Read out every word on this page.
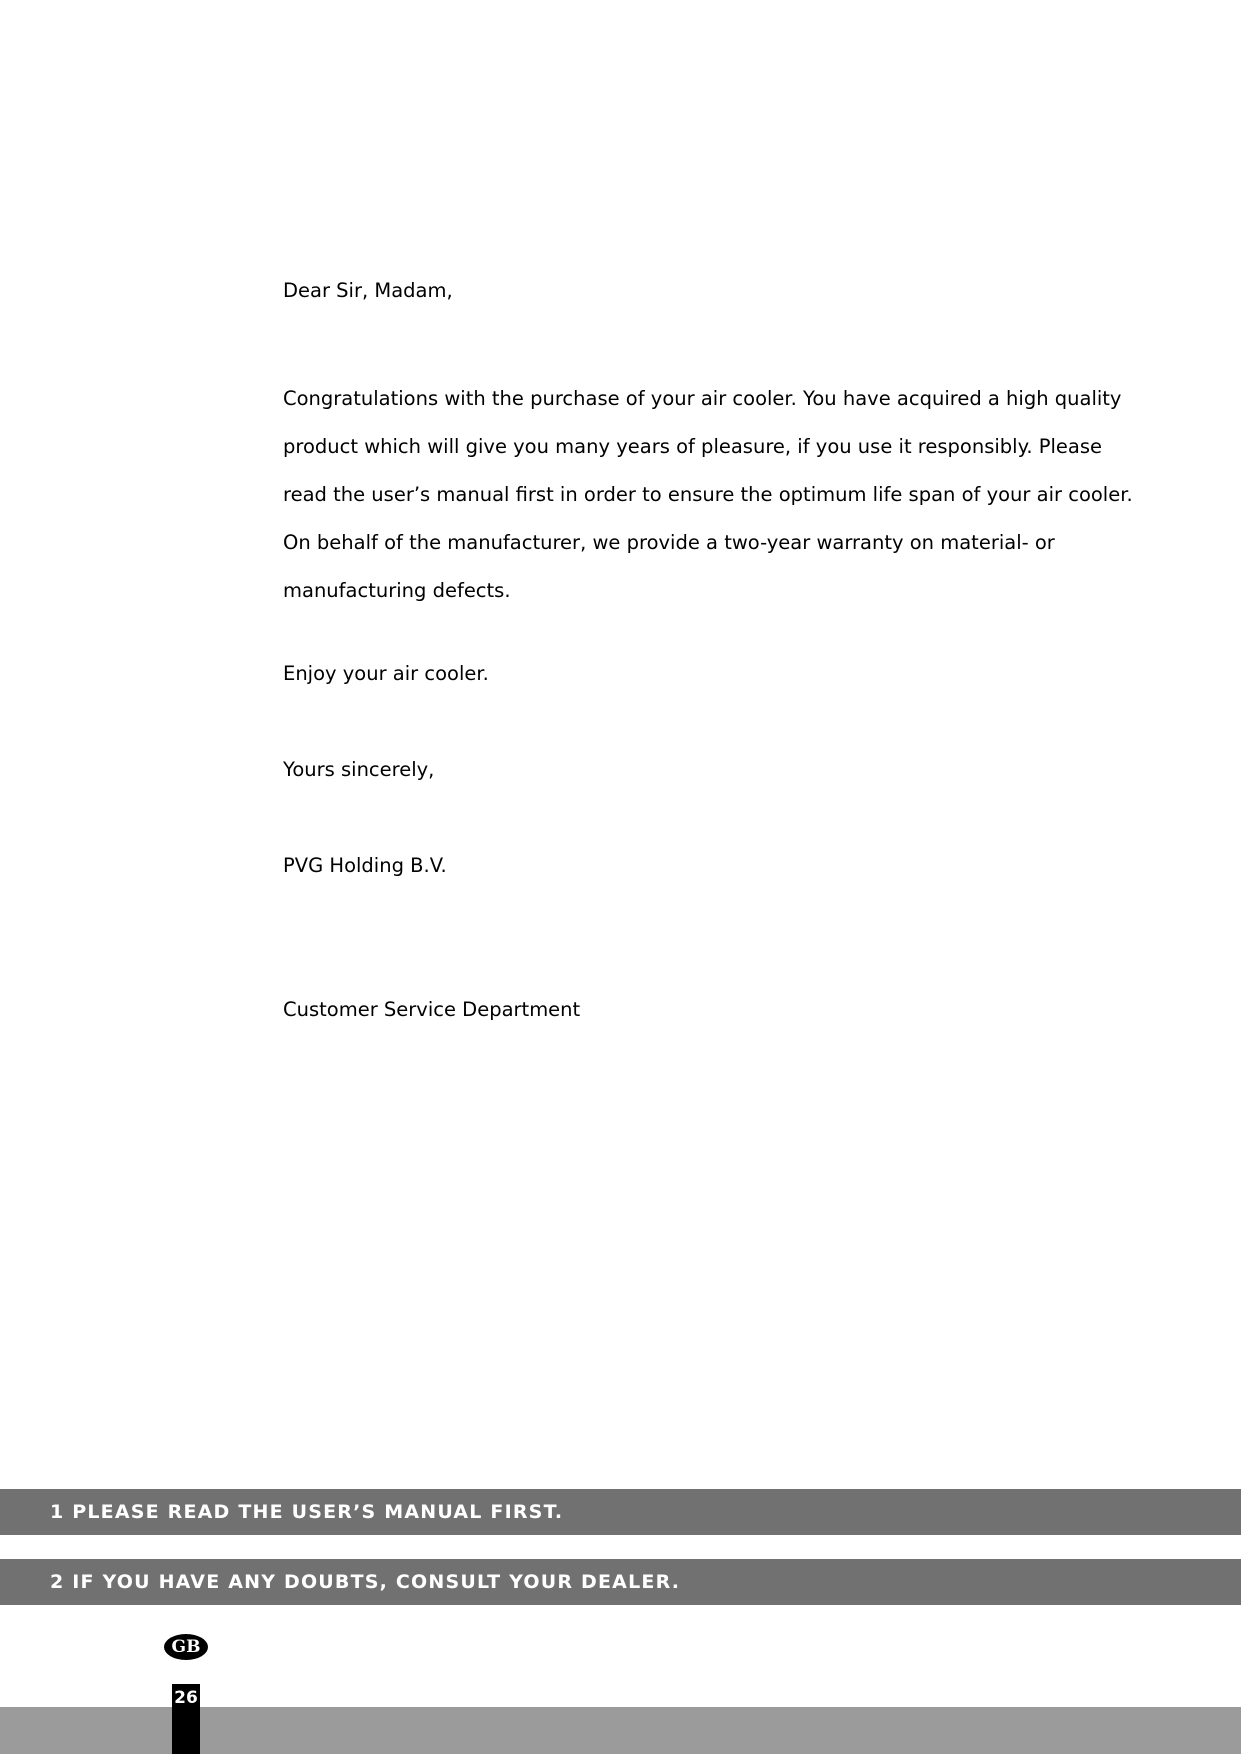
Dear Sir, Madam,

Congratulations with the purchase of your air cooler. You have acquired a high quality product which will give you many years of pleasure, if you use it responsibly. Please read the user’s manual first in order to ensure the optimum life span of your air cooler. On behalf of the manufacturer, we provide a two-year warranty on material- or manufacturing defects.

Enjoy your air cooler.
Yours sincerely,
PVG Holding B.V.
Customer Service Department
1 PLEASE READ THE USER’S MANUAL FIRST.
2 IF YOU HAVE ANY DOUBTS, CONSULT YOUR DEALER.
GB
26
